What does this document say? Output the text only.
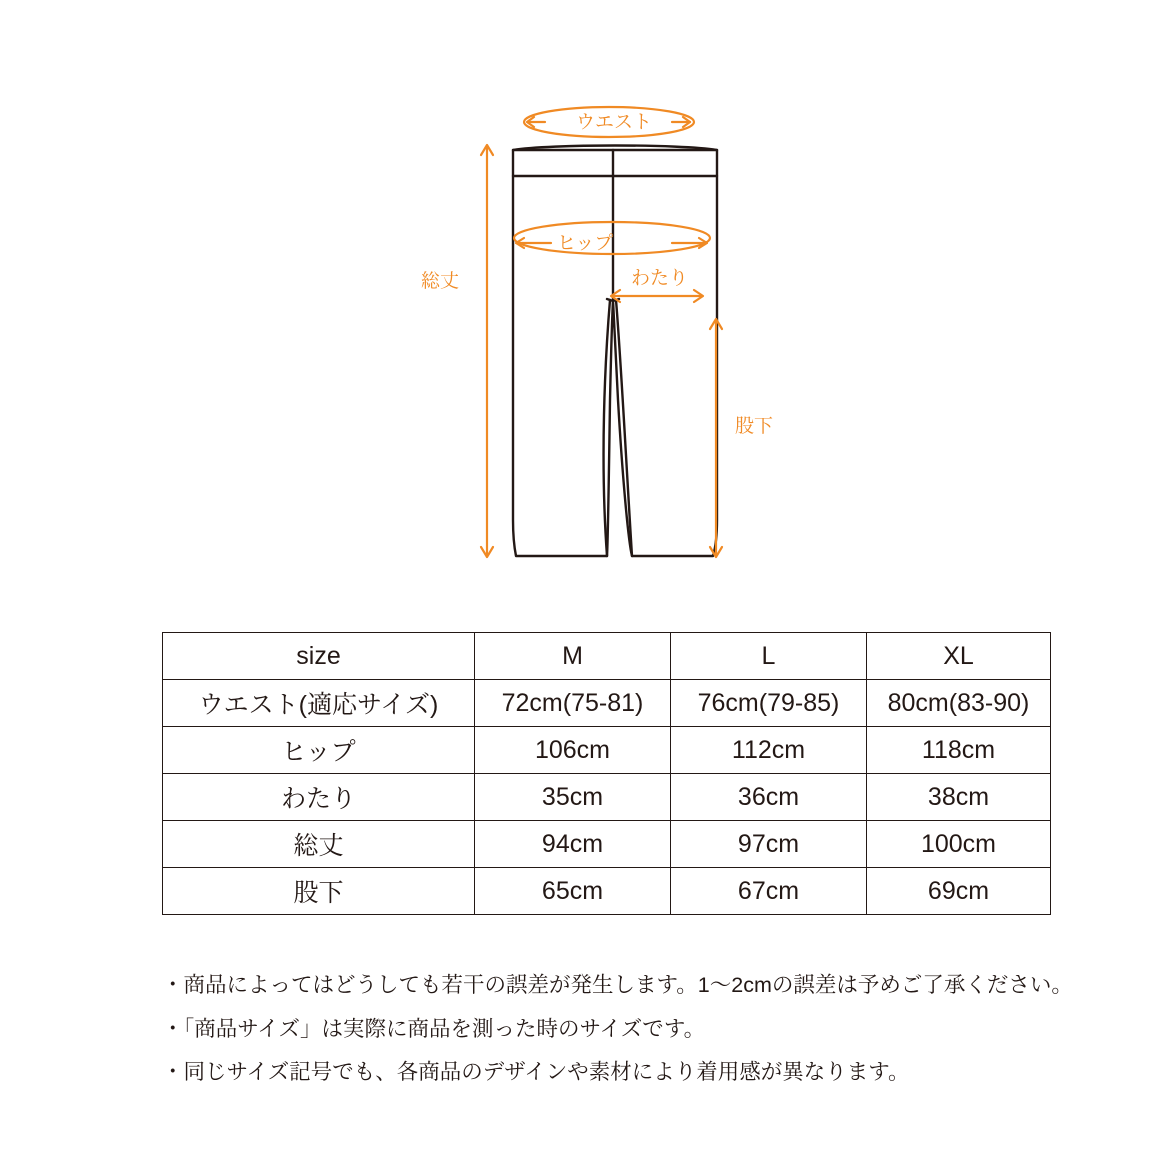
ウエスト
ヒップ
わたり
総丈
股下
size	M	L	XL
ウエスト(適応サイズ)	72cm(75-81)	76cm(79-85)	80cm(83-90)
ヒップ	106cm	112cm	118cm
わたり	35cm	36cm	38cm
総丈	94cm	97cm	100cm
股下	65cm	67cm	69cm
・商品によってはどうしても若干の誤差が発生します。1〜2cmの誤差は予めご了承ください。
・「商品サイズ」は実際に商品を測った時のサイズです。
・同じサイズ記号でも、各商品のデザインや素材により着用感が異なります。
